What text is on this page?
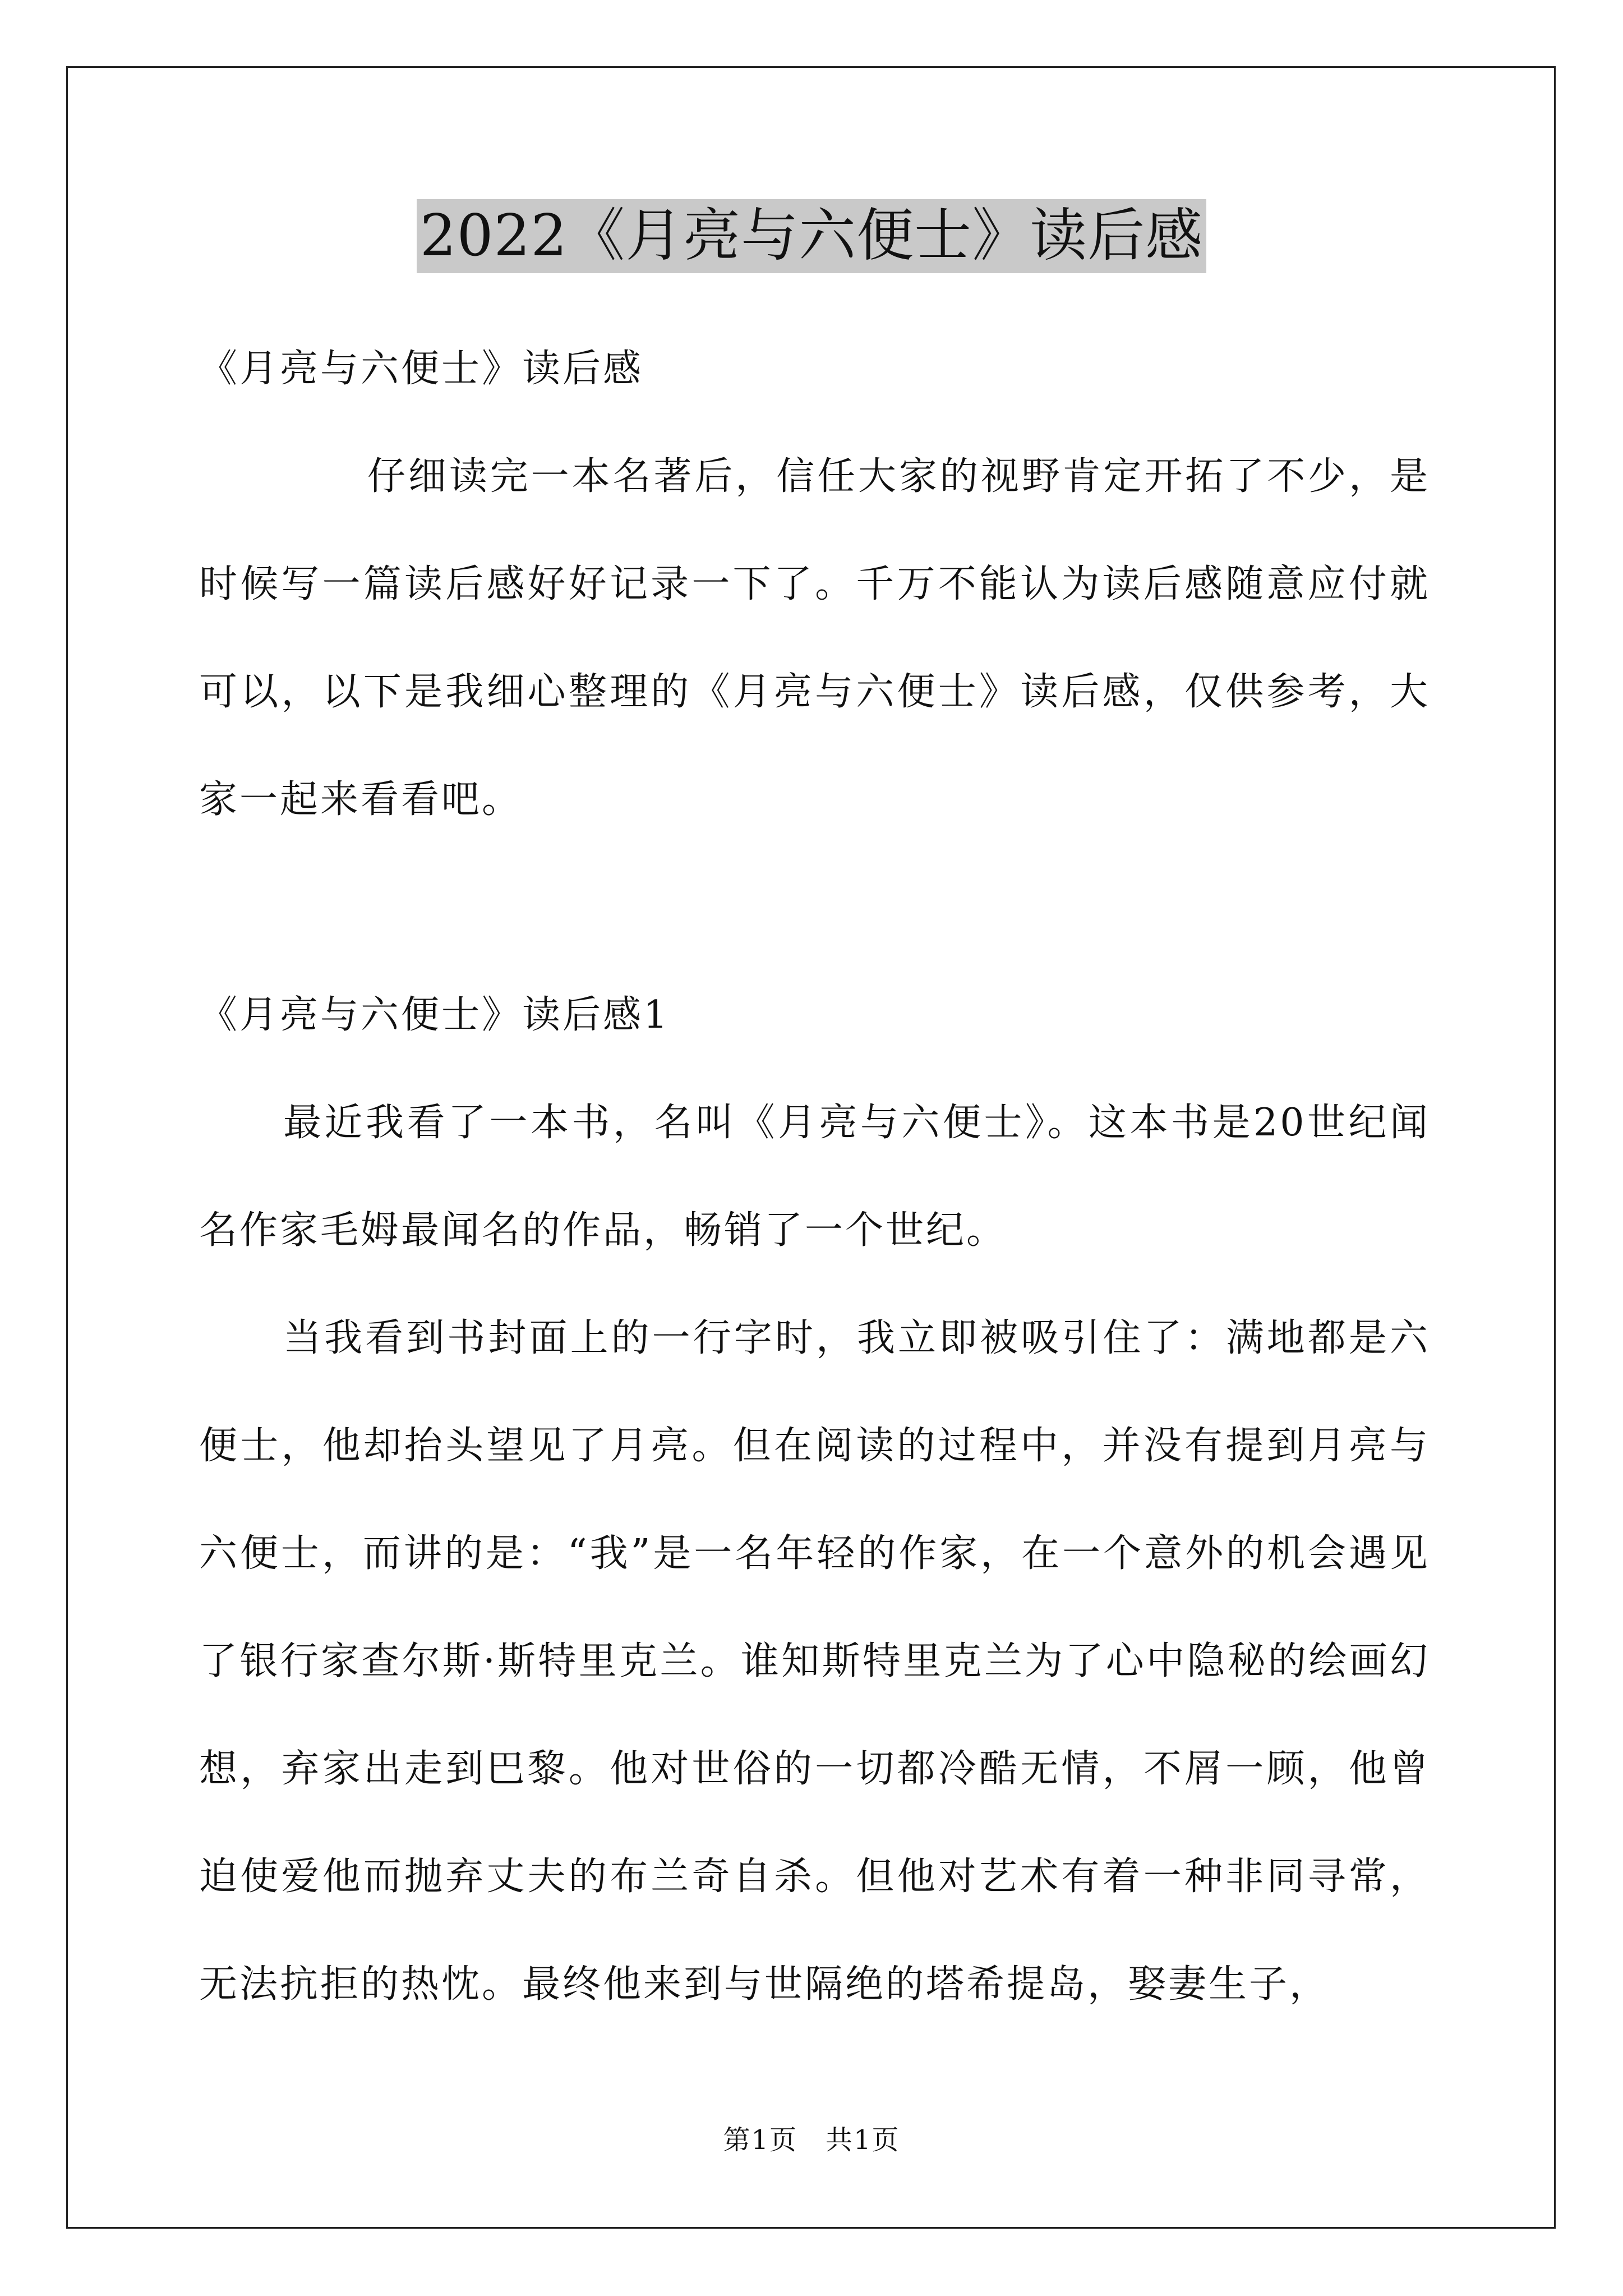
2022《月亮与六便士》读后感

《月亮与六便士》读后感

仔细读完一本名著后，信任大家的视野肯定开拓了不少，是时候写一篇读后感好好记录一下了。千万不能认为读后感随意应付就可以，以下是我细心整理的《月亮与六便士》读后感，仅供参考，大家一起来看看吧。

《月亮与六便士》读后感1

最近我看了一本书，名叫《月亮与六便士》。这本书是20世纪闻名作家毛姆最闻名的作品，畅销了一个世纪。

当我看到书封面上的一行字时，我立即被吸引住了：满地都是六便士，他却抬头望见了月亮。但在阅读的过程中，并没有提到月亮与六便士，而讲的是：“我”是一名年轻的作家，在一个意外的机会遇见了银行家查尔斯·斯特里克兰。谁知斯特里克兰为了心中隐秘的绘画幻想，弃家出走到巴黎。他对世俗的一切都冷酷无情，不屑一顾，他曾迫使爱他而抛弃丈夫的布兰奇自杀。但他对艺术有着一种非同寻常，无法抗拒的热忱。最终他来到与世隔绝的塔希提岛，娶妻生子，

第1页　共1页
